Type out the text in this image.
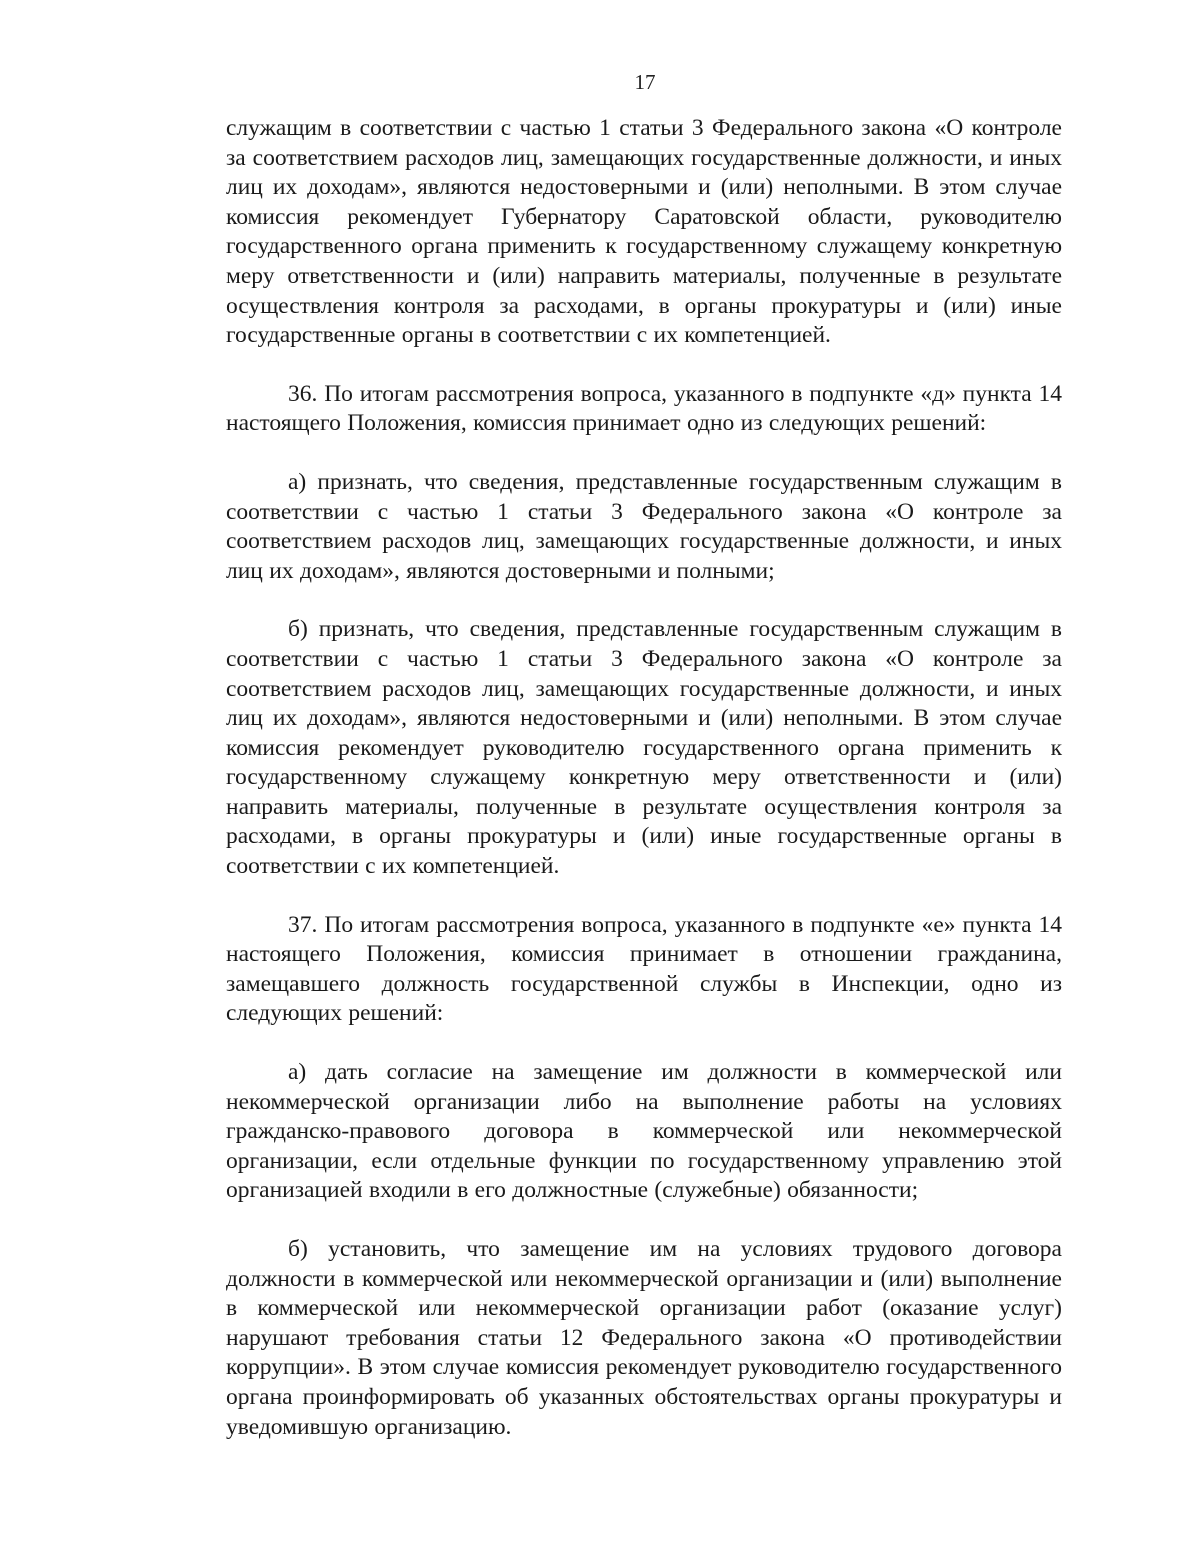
17

служащим в соответствии с частью 1 статьи 3 Федерального закона «О контроле за соответствием расходов лиц, замещающих государственные должности, и иных лиц их доходам», являются недостоверными и (или) неполными. В этом случае комиссия рекомендует Губернатору Саратовской области, руководителю государственного органа применить к государственному служащему конкретную меру ответственности и (или) направить материалы, полученные в результате осуществления контроля за расходами, в органы прокуратуры и (или) иные государственные органы в соответствии с их компетенцией.

36. По итогам рассмотрения вопроса, указанного в подпункте «д» пункта 14 настоящего Положения, комиссия принимает одно из следующих решений:

а) признать, что сведения, представленные государственным служащим в соответствии с частью 1 статьи 3 Федерального закона «О контроле за соответствием расходов лиц, замещающих государственные должности, и иных лиц их доходам», являются достоверными и полными;

б) признать, что сведения, представленные государственным служащим в соответствии с частью 1 статьи 3 Федерального закона «О контроле за соответствием расходов лиц, замещающих государственные должности, и иных лиц их доходам», являются недостоверными и (или) неполными. В этом случае комиссия рекомендует руководителю государственного органа применить к государственному служащему конкретную меру ответственности и (или) направить материалы, полученные в результате осуществления контроля за расходами, в органы прокуратуры и (или) иные государственные органы в соответствии с их компетенцией.

37. По итогам рассмотрения вопроса, указанного в подпункте «е» пункта 14 настоящего Положения, комиссия принимает в отношении гражданина, замещавшего должность государственной службы в Инспекции, одно из следующих решений:

а) дать согласие на замещение им должности в коммерческой или некоммерческой организации либо на выполнение работы на условиях гражданско-правового договора в коммерческой или некоммерческой организации, если отдельные функции по государственному управлению этой организацией входили в его должностные (служебные) обязанности;

б) установить, что замещение им на условиях трудового договора должности в коммерческой или некоммерческой организации и (или) выполнение в коммерческой или некоммерческой организации работ (оказание услуг) нарушают требования статьи 12 Федерального закона «О противодействии коррупции». В этом случае комиссия рекомендует руководителю государственного органа проинформировать об указанных обстоятельствах органы прокуратуры и уведомившую организацию.
